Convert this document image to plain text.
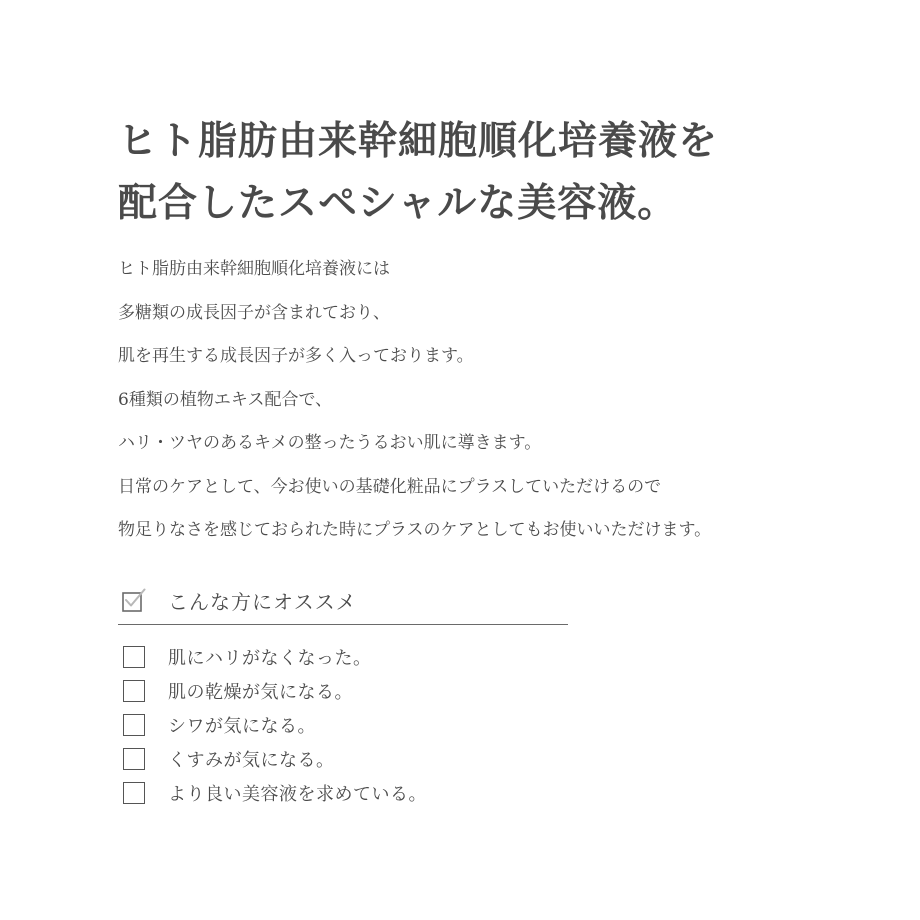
ヒト脂肪由来幹細胞順化培養液を
配合したスペシャルな美容液。
ヒト脂肪由来幹細胞順化培養液には
多糖類の成長因子が含まれており、
肌を再生する成長因子が多く入っております。
6種類の植物エキス配合で、
ハリ・ツヤのあるキメの整ったうるおい肌に導きます。
日常のケアとして、今お使いの基礎化粧品にプラスしていただけるので
物足りなさを感じておられた時にプラスのケアとしてもお使いいただけます。
こんな方にオススメ
肌にハリがなくなった。
肌の乾燥が気になる。
シワが気になる。
くすみが気になる。
より良い美容液を求めている。
